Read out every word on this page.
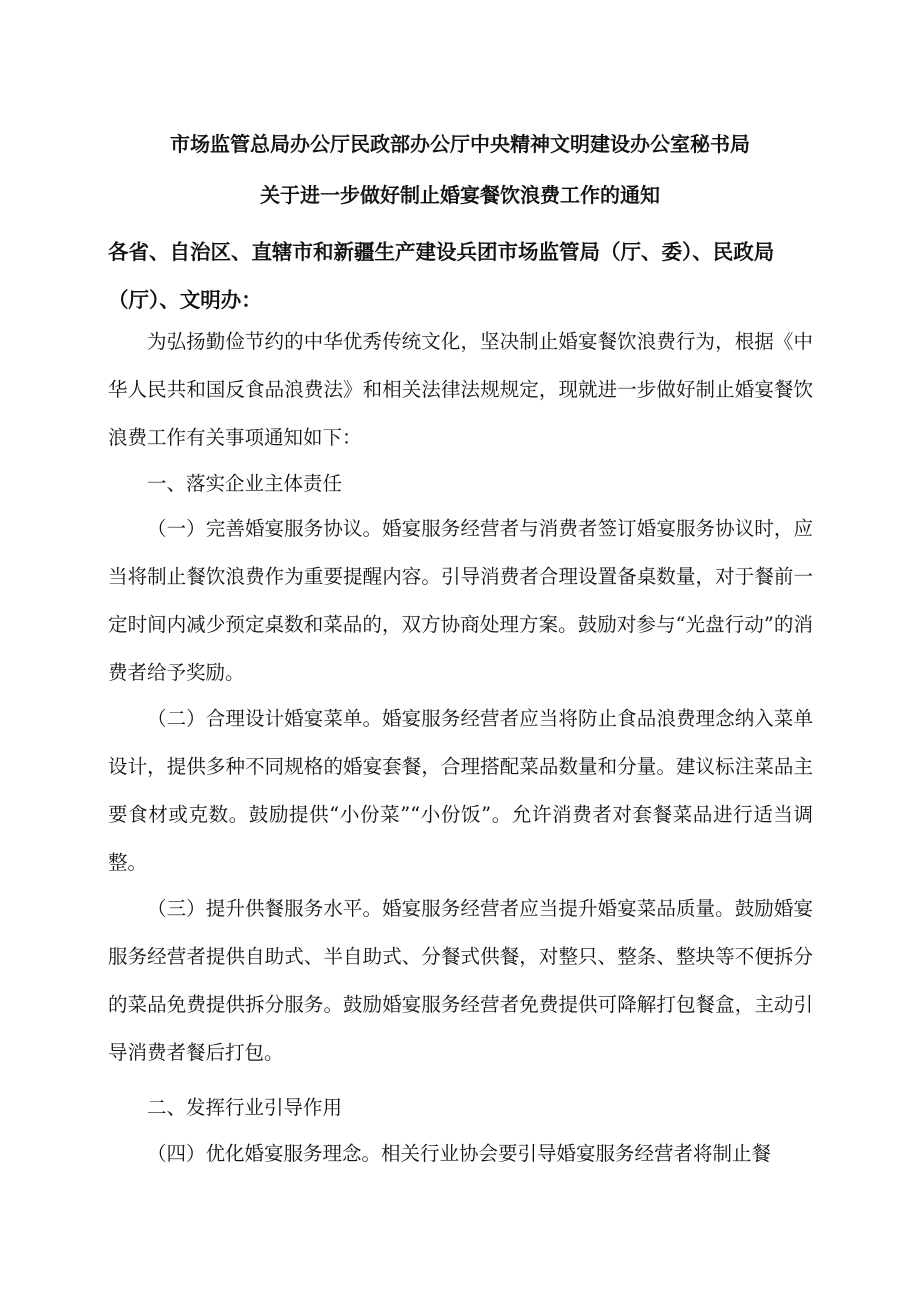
市场监管总局办公厅民政部办公厅中央精神文明建设办公室秘书局
关于进一步做好制止婚宴餐饮浪费工作的通知
各省、自治区、直辖市和新疆生产建设兵团市场监管局（厅、委）、民政局（厅）、文明办：
为弘扬勤俭节约的中华优秀传统文化，坚决制止婚宴餐饮浪费行为，根据《中华人民共和国反食品浪费法》和相关法律法规规定，现就进一步做好制止婚宴餐饮浪费工作有关事项通知如下：
一、落实企业主体责任
（一）完善婚宴服务协议。婚宴服务经营者与消费者签订婚宴服务协议时，应当将制止餐饮浪费作为重要提醒内容。引导消费者合理设置备桌数量，对于餐前一定时间内减少预定桌数和菜品的，双方协商处理方案。鼓励对参与“光盘行动”的消费者给予奖励。
（二）合理设计婚宴菜单。婚宴服务经营者应当将防止食品浪费理念纳入菜单设计，提供多种不同规格的婚宴套餐，合理搭配菜品数量和分量。建议标注菜品主要食材或克数。鼓励提供“小份菜”“小份饭”。允许消费者对套餐菜品进行适当调整。
（三）提升供餐服务水平。婚宴服务经营者应当提升婚宴菜品质量。鼓励婚宴服务经营者提供自助式、半自助式、分餐式供餐，对整只、整条、整块等不便拆分的菜品免费提供拆分服务。鼓励婚宴服务经营者免费提供可降解打包餐盒，主动引导消费者餐后打包。
二、发挥行业引导作用
（四）优化婚宴服务理念。相关行业协会要引导婚宴服务经营者将制止餐
